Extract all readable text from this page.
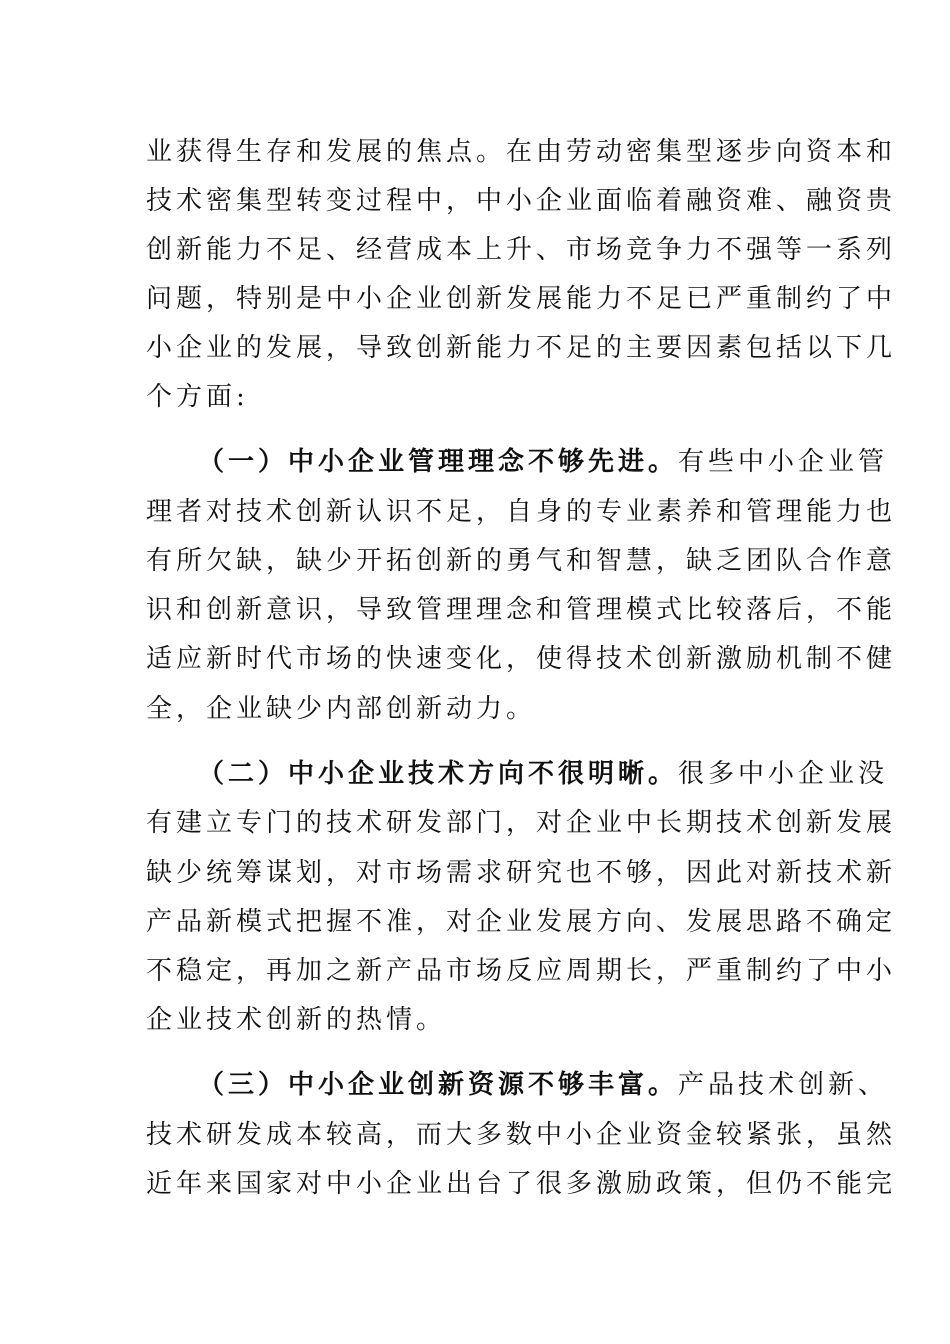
业获得生存和发展的焦点。在由劳动密集型逐步向资本和
技术密集型转变过程中，中小企业面临着融资难、融资贵
创新能力不足、经营成本上升、市场竞争力不强等一系列
问题，特别是中小企业创新发展能力不足已严重制约了中
小企业的发展，导致创新能力不足的主要因素包括以下几
个方面:
（一）中小企业管理理念不够先进。有些中小企业管
理者对技术创新认识不足，自身的专业素养和管理能力也
有所欠缺，缺少开拓创新的勇气和智慧，缺乏团队合作意
识和创新意识，导致管理理念和管理模式比较落后，不能
适应新时代市场的快速变化，使得技术创新激励机制不健
全，企业缺少内部创新动力。
（二）中小企业技术方向不很明晰。很多中小企业没
有建立专门的技术研发部门，对企业中长期技术创新发展
缺少统筹谋划，对市场需求研究也不够，因此对新技术新
产品新模式把握不准，对企业发展方向、发展思路不确定
不稳定，再加之新产品市场反应周期长，严重制约了中小
企业技术创新的热情。
（三）中小企业创新资源不够丰富。产品技术创新、
技术研发成本较高，而大多数中小企业资金较紧张，虽然
近年来国家对中小企业出台了很多激励政策，但仍不能完
